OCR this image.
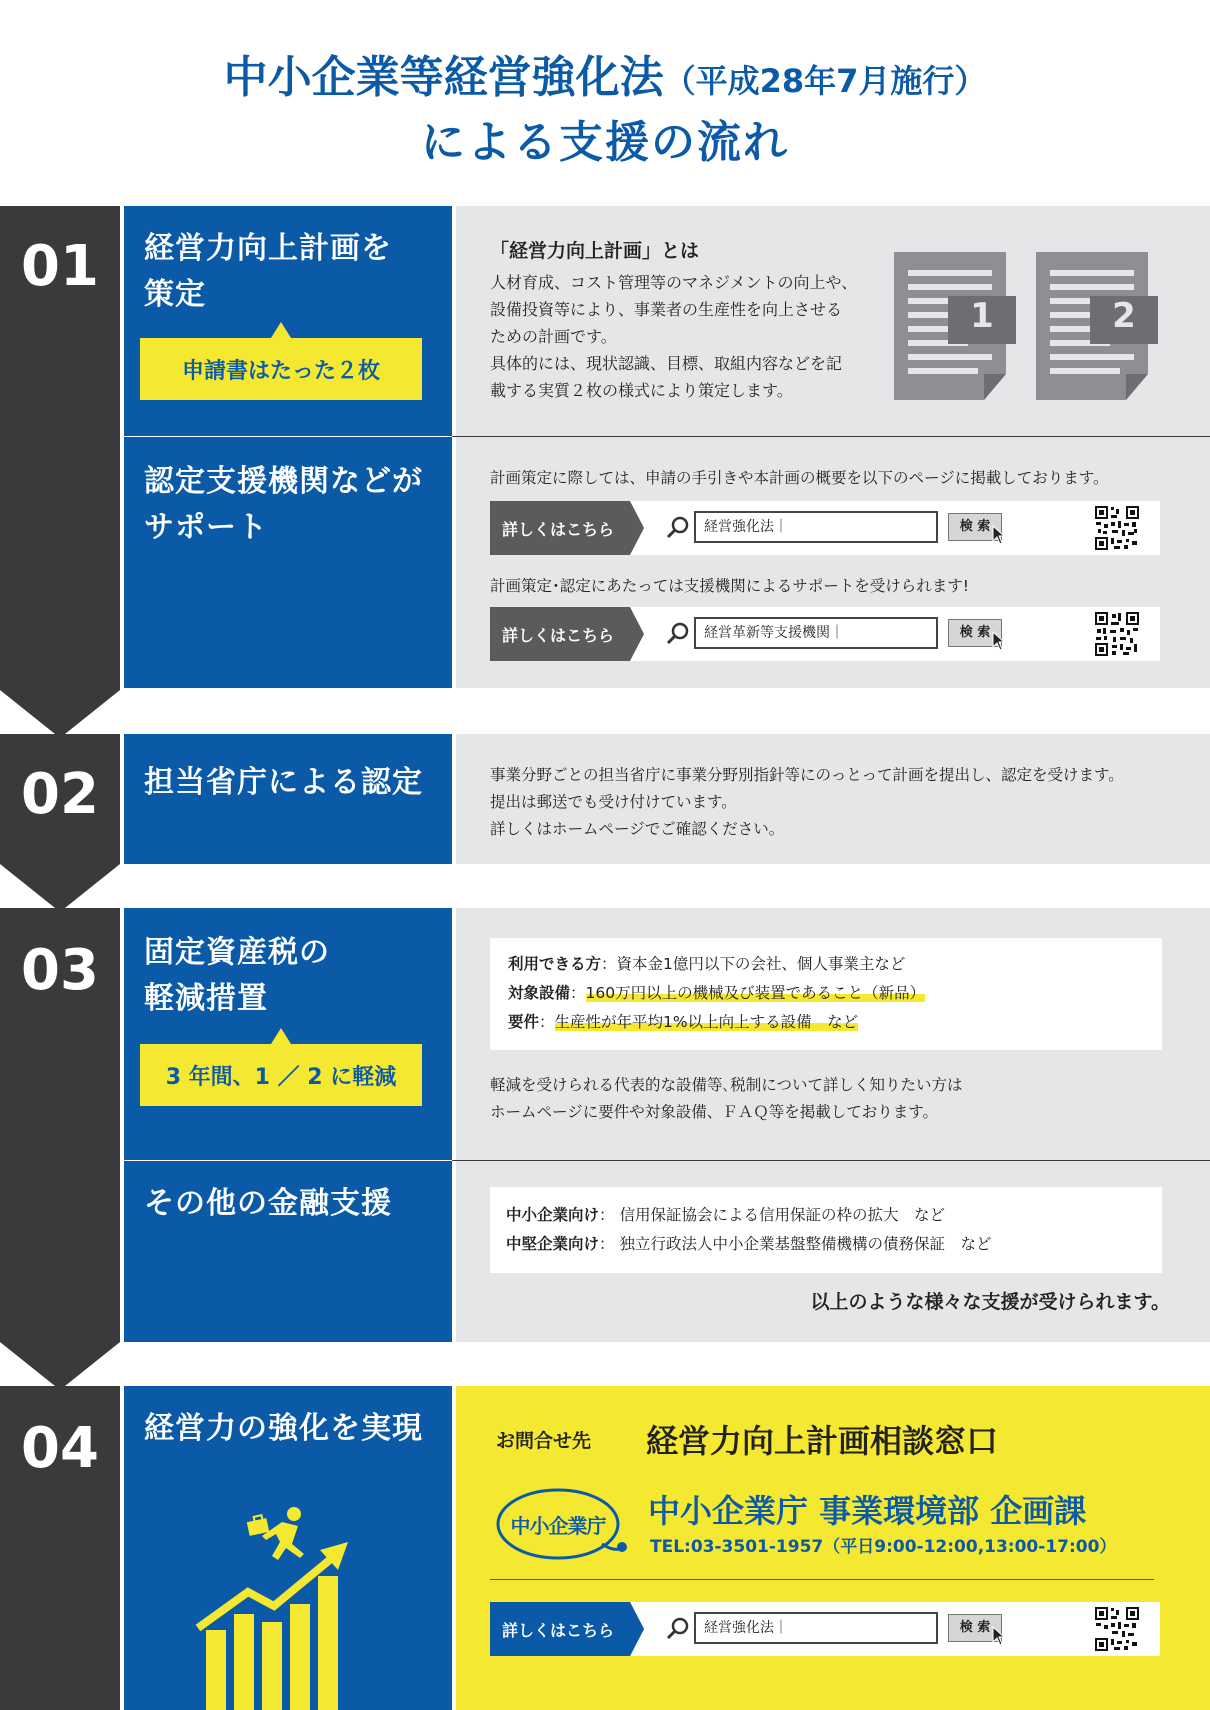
中小企業等経営強化法（平成28年7月施行）
による支援の流れ
01	経営力向上計画を
策定
申請書はたった２枚
「経営力向上計画」とは
人材育成、コスト管理等のマネジメントの向上や、
設備投資等により、事業者の生産性を向上させる
ための計画です。
具体的には、現状認識、目標、取組内容などを記
載する実質２枚の様式により策定します。
1	2
認定支援機関などが
サポート
計画策定に際しては、申請の手引きや本計画の概要を以下のページに掲載しております。
詳しくはこちら	経営強化法｜	検 索
計画策定･認定にあたっては支援機関によるサポートを受けられます!
詳しくはこちら	経営革新等支援機関｜	検 索
02	担当省庁による認定	事業分野ごとの担当省庁に事業分野別指針等にのっとって計画を提出し、認定を受けます。
提出は郵送でも受け付けています。
詳しくはホームページでご確認ください。
03	固定資産税の
軽減措置
3 年間、1 ／ 2 に軽減
利用できる方：資本金1億円以下の会社、個人事業主など
対象設備：160万円以上の機械及び装置であること（新品）
要件：生産性が年平均1%以上向上する設備　など
軽減を受けられる代表的な設備等､税制について詳しく知りたい方は
ホームページに要件や対象設備、ＦＡＱ等を掲載しております。
その他の金融支援	中小企業向け： 信用保証協会による信用保証の枠の拡大　など
中堅企業向け： 独立行政法人中小企業基盤整備機構の債務保証　など
以上のような様々な支援が受けられます。
04	経営力の強化を実現	お問合せ先 経営力向上計画相談窓口
中小企業庁	中小企業庁 事業環境部 企画課
TEL:03-3501-1957（平日9:00-12:00,13:00-17:00）
詳しくはこちら	経営強化法｜	検 索
